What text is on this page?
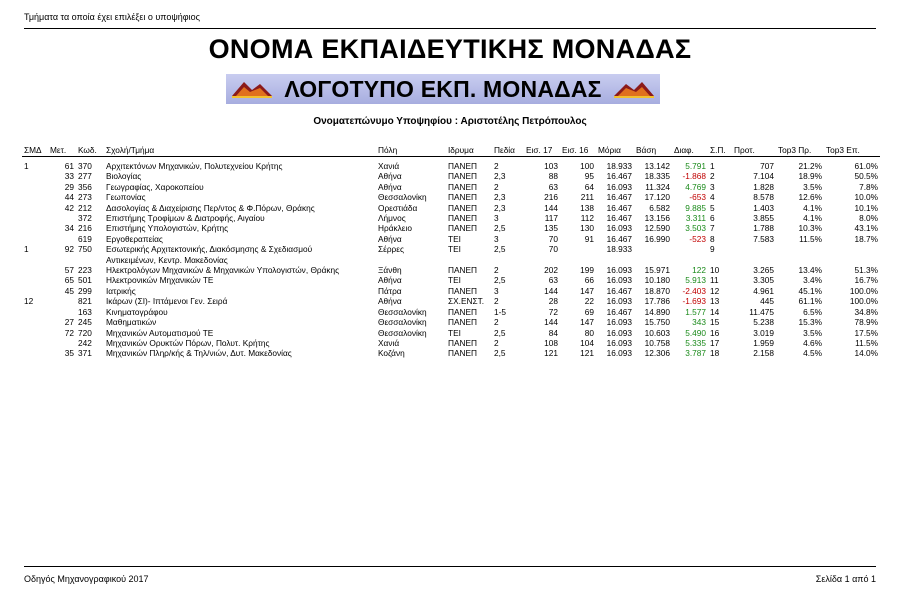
Τμήματα τα οποία έχει επιλέξει ο υποψήφιος
ΟΝΟΜΑ ΕΚΠΑΙΔΕΥΤΙΚΗΣ ΜΟΝΑΔΑΣ
ΛΟΓΟΤΥΠΟ ΕΚΠ. ΜΟΝΑΔΑΣ
Ονοματεπώνυμο Υποψηφίου : Αριστοτέλης Πετρόπουλος
ΣΜΔ	Μετ.	Κωδ.	Σχολή/Τμήμα	Πόλη	Ιδρυμα	Πεδία	Εισ. 17	Εισ. 16	Μόρια	Βάση	Διαφ.	Σ.Π.	Προτ.	Top3 Πρ.	Top3 Επ.

1	61	370	Αρχιτεκτόνων Μηχανικών, Πολυτεχνείου Κρήτης	Χανιά	ΠΑΝΕΠ	2	103	100	18.933	13.142	5.791	1	707	21.2%	61.0%
	33	277	Βιολογίας	Αθήνα	ΠΑΝΕΠ	2,3	88	95	16.467	18.335	-1.868	2	7.104	18.9%	50.5%
	29	356	Γεωγραφίας, Χαροκοπείου	Αθήνα	ΠΑΝΕΠ	2	63	64	16.093	11.324	4.769	3	1.828	3.5%	7.8%
	44	273	Γεωπονίας	Θεσσαλονίκη	ΠΑΝΕΠ	2,3	216	211	16.467	17.120	-653	4	8.578	12.6%	10.0%
	42	212	Δασολογίας & Διαχείρισης Περ/ντος & Φ.Πόρων, Θράκης	Ορεστιάδα	ΠΑΝΕΠ	2,3	144	138	16.467	6.582	9.885	5	1.403	4.1%	10.1%
		372	Επιστήμης Τροφίμων & Διατροφής, Αιγαίου	Λήμνος	ΠΑΝΕΠ	3	117	112	16.467	13.156	3.311	6	3.855	4.1%	8.0%
	34	216	Επιστήμης Υπολογιστών, Κρήτης	Ηράκλειο	ΠΑΝΕΠ	2,5	135	130	16.093	12.590	3.503	7	1.788	10.3%	43.1%
		619	Εργοθεραπείας	Αθήνα	ΤΕΙ	3	70	91	16.467	16.990	-523	8	7.583	11.5%	18.7%
1	92	750	Εσωτερικής Αρχιτεκτονικής, Διακόσμησης & Σχεδιασμού	Σέρρες	ΤΕΙ	2,5	70		18.933			9			
			Αντικειμένων, Κεντρ. Μακεδονίας												
	57	223	Ηλεκτρολόγων Μηχανικών & Μηχανικών Υπολογιστών, Θράκης	Ξάνθη	ΠΑΝΕΠ	2	202	199	16.093	15.971	122	10	3.265	13.4%	51.3%
	65	501	Ηλεκτρονικών Μηχανικών ΤΕ	Αθήνα	ΤΕΙ	2,5	63	66	16.093	10.180	5.913	11	3.305	3.4%	16.7%
	45	299	Ιατρικής	Πάτρα	ΠΑΝΕΠ	3	144	147	16.467	18.870	-2.403	12	4.961	45.1%	100.0%
12		821	Ικάρων (ΣΙ)- Ιπτάμενοι Γεν. Σειρά	Αθήνα	ΣΧ.ΕΝΣΤ.	2	28	22	16.093	17.786	-1.693	13	445	61.1%	100.0%
		163	Κινηματογράφου	Θεσσαλονίκη	ΠΑΝΕΠ	1-5	72	69	16.467	14.890	1.577	14	11.475	6.5%	34.8%
	27	245	Μαθηματικών	Θεσσαλονίκη	ΠΑΝΕΠ	2	144	147	16.093	15.750	343	15	5.238	15.3%	78.9%
	72	720	Μηχανικών Αυτοματισμού ΤΕ	Θεσσαλονίκη	ΤΕΙ	2,5	84	80	16.093	10.603	5.490	16	3.019	3.5%	17.5%
		242	Μηχανικών Ορυκτών Πόρων, Πολυτ. Κρήτης	Χανιά	ΠΑΝΕΠ	2	108	104	16.093	10.758	5.335	17	1.959	4.6%	11.5%
	35	371	Μηχανικών Πληρ/κής & Τηλ/νιών, Δυτ. Μακεδονίας	Κοζάνη	ΠΑΝΕΠ	2,5	121	121	16.093	12.306	3.787	18	2.158	4.5%	14.0%
Οδηγός Μηχανογραφικού 2017	Σελίδα 1 από 1
